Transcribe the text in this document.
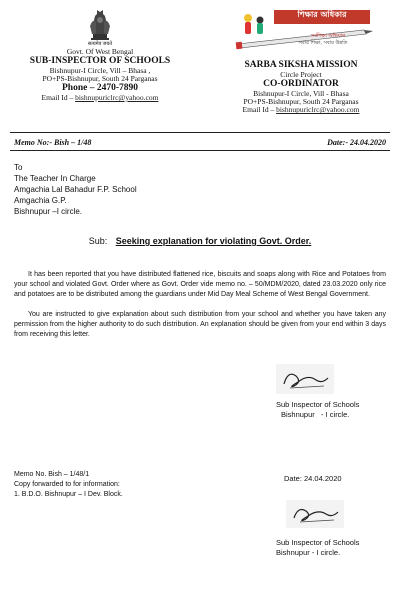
सत्यमेव जयते
Govt. Of West Bengal
SUB-INSPECTOR OF SCHOOLS
Bishnupur-I Circle, Vill – Bhasa ,
PO+PS-Bishnupur, South 24 Parganas
Phone – 2470-7890
Email Id – bishnupuriclrc@yahoo.com
শিক্ষার অধিকার
সর্বশিক্ষা অভিযান
সবার শিক্ষা, সবার উন্নতি
SARBA SIKSHA MISSION
Circle Project
CO-ORDINATOR
Bishnupur-I Circle, Vill - Bhasa
PO+PS-Bishnupur, South 24 Parganas
Email Id – bishnupuriclrc@yahoo.com
Memo No:- Bish – 1/48	Date:- 24.04.2020
To
The Teacher In Charge
Amgachia Lal Bahadur F.P. School
Amgachia G.P.
Bishnupur –I circle.
Sub: Seeking explanation for violating Govt. Order.
It has been reported that you have distributed flattened rice, biscuits and soaps along with Rice and Potatoes from your school and violated Govt. Order where as Govt. Order vide memo no. – 50/MDM/2020, dated 23.03.2020 only rice and potatoes are to be distributed among the guardians under Mid Day Meal Scheme of West Bengal Government.
You are instructed to give explanation about such distribution from your school and whether you have taken any permission from the higher authority to do such distribution. An explanation should be given from your end within 3 days from receiving this letter.
Sub Inspector of Schools
Bishnupur   - I circle.
Memo No. Bish – 1/48/1
Copy forwarded to for information:
1. B.D.O. Bishnupur – I Dev. Block.
Date: 24.04.2020
Sub Inspector of Schools
Bishnupur - I circle.
